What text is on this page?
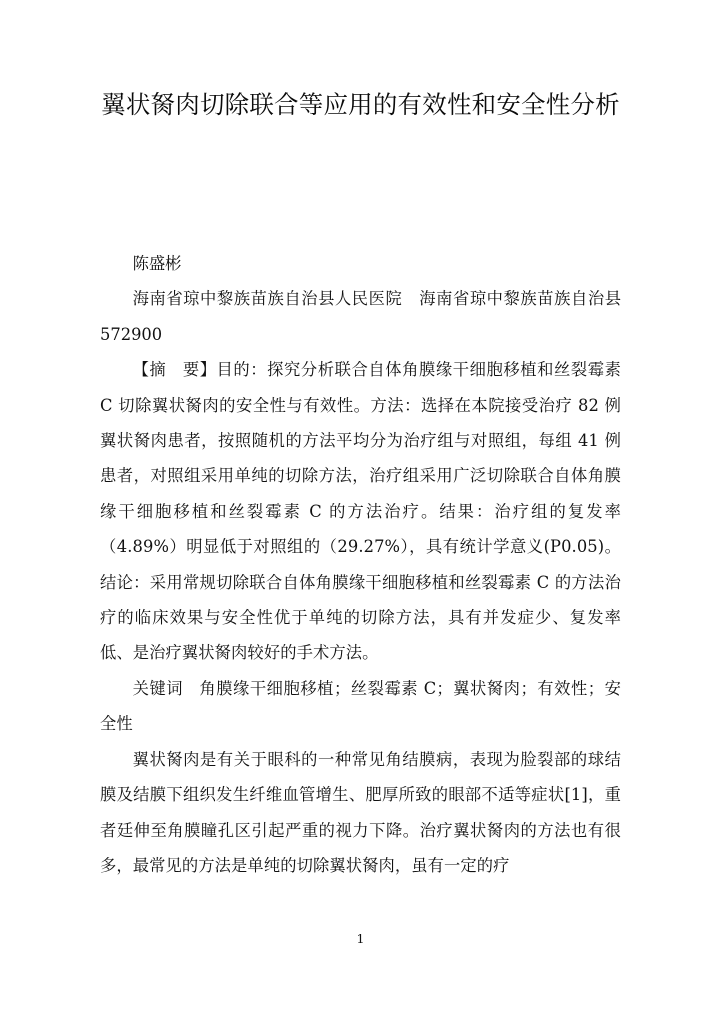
翼状胬肉切除联合等应用的有效性和安全性分析

陈盛彬

海南省琼中黎族苗族自治县人民医院　海南省琼中黎族苗族自治县　572900

【摘　要】目的：探究分析联合自体角膜缘干细胞移植和丝裂霉素 C 切除翼状胬肉的安全性与有效性。方法：选择在本院接受治疗 82 例翼状胬肉患者，按照随机的方法平均分为治疗组与对照组，每组 41 例患者，对照组采用单纯的切除方法，治疗组采用广泛切除联合自体角膜缘干细胞移植和丝裂霉素 C 的方法治疗。结果：治疗组的复发率（4.89%）明显低于对照组的（29.27%），具有统计学意义(P0.05)。结论：采用常规切除联合自体角膜缘干细胞移植和丝裂霉素 C 的方法治疗的临床效果与安全性优于单纯的切除方法，具有并发症少、复发率低、是治疗翼状胬肉较好的手术方法。

关键词 角膜缘干细胞移植；丝裂霉素 C；翼状胬肉；有效性；安全性

翼状胬肉是有关于眼科的一种常见角结膜病，表现为脸裂部的球结膜及结膜下组织发生纤维血管增生、肥厚所致的眼部不适等症状[1]，重者廷伸至角膜瞳孔区引起严重的视力下降。治疗翼状胬肉的方法也有很多，最常见的方法是单纯的切除翼状胬肉，虽有一定的疗

1
